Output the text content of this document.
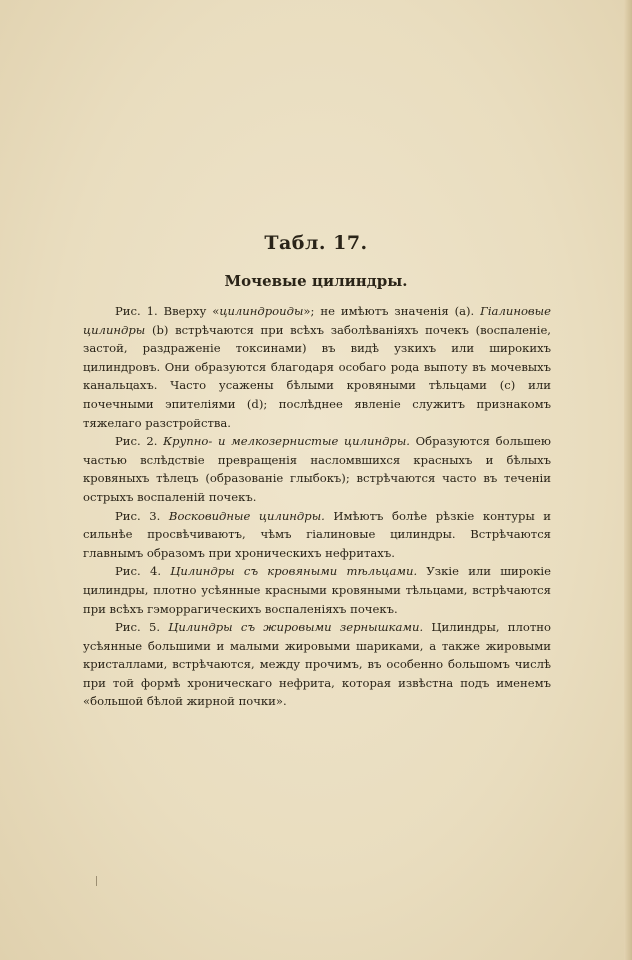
Табл. 17.
Мочевые цилиндры.

Рис. 1. Вверху «цилиндроиды»; не имѣютъ значенія (а). Гіалиновые цилиндры (b) встрѣчаются при всѣхъ заболѣваніяхъ почекъ (воспаленіе, застой, раздраженіе токсинами) въ видѣ узкихъ или широкихъ цилиндровъ. Они образуются благодаря особаго рода выпоту въ мочевыхъ канальцахъ. Часто усажены бѣлыми кровяными тѣльцами (с) или почечными эпителіями (d); послѣднее явленіе служитъ признакомъ тяжелаго разстройства.

Рис. 2. Крупно- и мелкозернистые цилиндры. Образуются большею частью вслѣдствіе превращенія насломвшихся красныхъ и бѣлыхъ кровяныхъ тѣлецъ (образованіе глыбокъ); встрѣчаются часто въ теченіи острыхъ воспаленій почекъ.

Рис. 3. Восковидные цилиндры. Имѣютъ болѣе рѣзкіе контуры и сильнѣе просвѣчиваютъ, чѣмъ гіалиновые цилиндры. Встрѣчаются главнымъ образомъ при хроническихъ нефритахъ.

Рис. 4. Цилиндры съ кровяными тѣльцами. Узкіе или широкіе цилиндры, плотно усѣянные красными кровяными тѣльцами, встрѣчаются при всѣхъ гэморрагическихъ воспаленіяхъ почекъ.

Рис. 5. Цилиндры съ жировыми зернышками. Цилиндры, плотно усѣянные большими и малыми жировыми шариками, а также жировыми кристаллами, встрѣчаются, между прочимъ, въ особенно большомъ числѣ при той формѣ хроническаго нефрита, которая извѣстна подъ именемъ «большой бѣлой жирной почки».
